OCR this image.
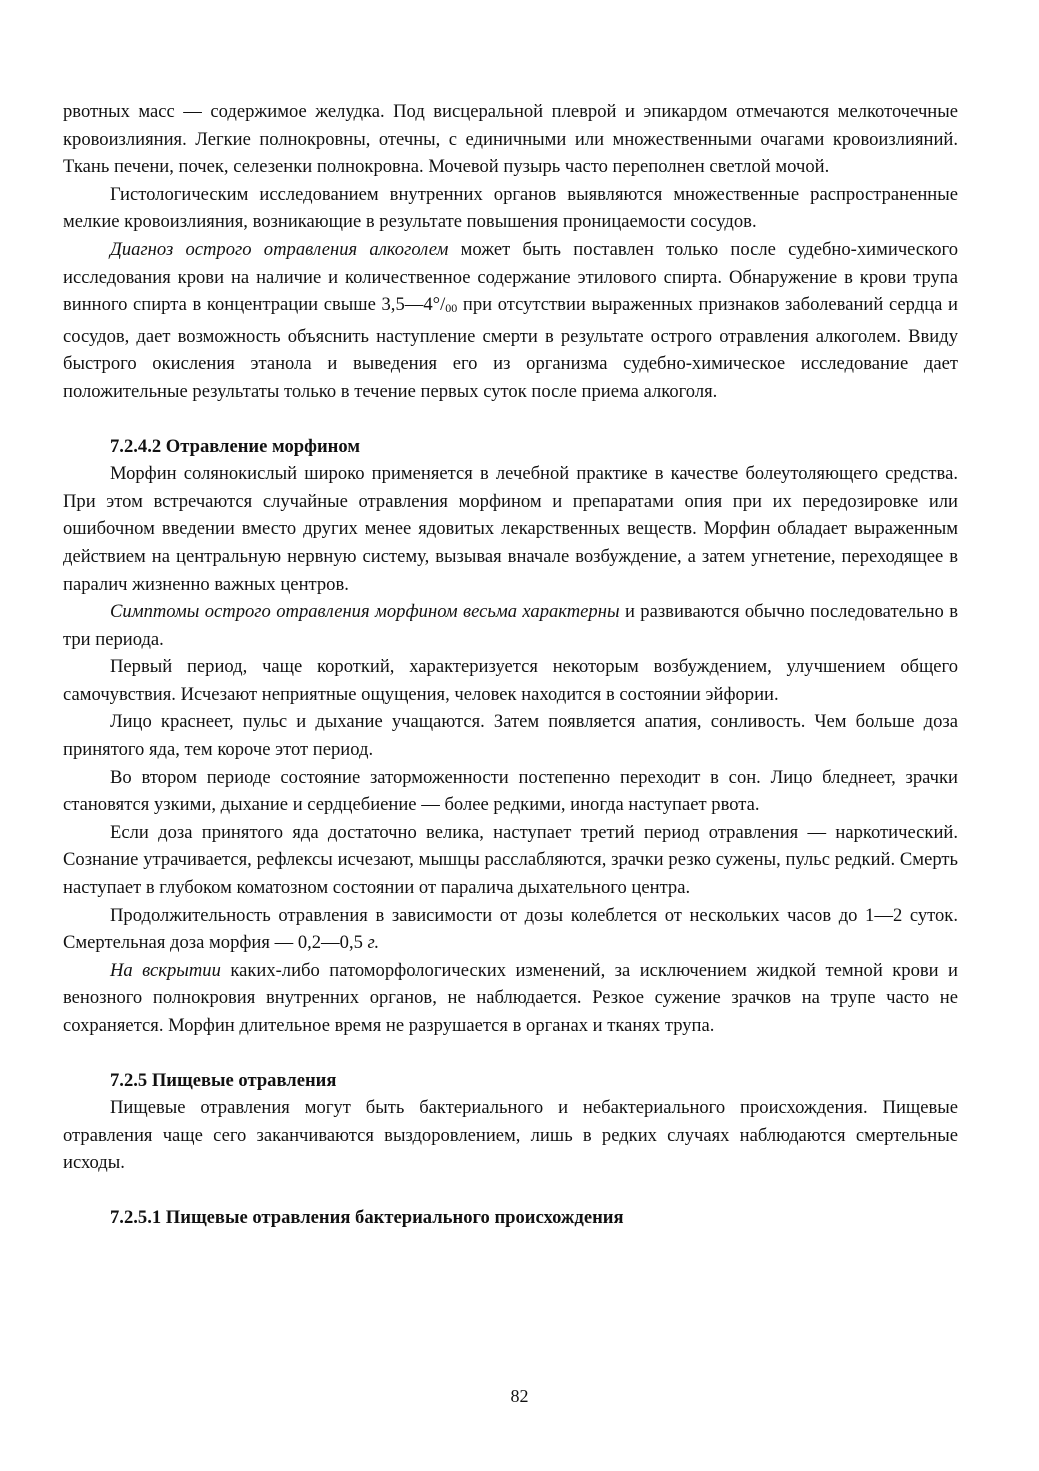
рвотных масс — содержимое желудка. Под висцеральной плеврой и эпикардом отмечаются мелкоточечные кровоизлияния. Легкие полнокровны, отечны, с единичными или множественными очагами кровоизлияний. Ткань печени, почек, селезенки полнокровна. Мочевой пузырь часто переполнен светлой мочой.

Гистологическим исследованием внутренних органов выявляются множественные распространенные мелкие кровоизлияния, возникающие в результате повышения проницаемости сосудов.

Диагноз острого отравления алкоголем может быть поставлен только после судебно-химического исследования крови на наличие и количественное содержание этилового спирта. Обнаружение в крови трупа винного спирта в концентрации свыше $3,5—4^\circ/_{00}$ при отсутствии выраженных признаков заболеваний сердца и сосудов, дает возможность объяснить наступление смерти в результате острого отравления алкоголем. Ввиду быстрого окисления этанола и выведения его из организма судебно-химическое исследование дает положительные результаты только в течение первых суток после приема алкоголя.

7.2.4.2 Отравление морфином

Морфин солянокислый широко применяется в лечебной практике в качестве болеутоляющего средства. При этом встречаются случайные отравления морфином и препаратами опия при их передозировке или ошибочном введении вместо других менее ядовитых лекарственных веществ. Морфин обладает выраженным действием на центральную нервную систему, вызывая вначале возбуждение, а затем угнетение, переходящее в паралич жизненно важных центров.

Симптомы острого отравления морфином весьма характерны и развиваются обычно последовательно в три периода.

Первый период, чаще короткий, характеризуется некоторым возбуждением, улучшением общего самочувствия. Исчезают неприятные ощущения, человек находится в состоянии эйфории.

Лицо краснеет, пульс и дыхание учащаются. Затем появляется апатия, сонливость. Чем больше доза принятого яда, тем короче этот период.

Во втором периоде состояние заторможенности постепенно переходит в сон. Лицо бледнеет, зрачки становятся узкими, дыхание и сердцебиение — более редкими, иногда наступает рвота.

Если доза принятого яда достаточно велика, наступает третий период отравления — наркотический. Сознание утрачивается, рефлексы исчезают, мышцы расслабляются, зрачки резко сужены, пульс редкий. Смерть наступает в глубоком коматозном состоянии от паралича дыхательного центра.

Продолжительность отравления в зависимости от дозы колеблется от нескольких часов до 1—2 суток. Смертельная доза морфия — 0,2—0,5 г.

На вскрытии каких-либо патоморфологических изменений, за исключением жидкой темной крови и венозного полнокровия внутренних органов, не наблюдается. Резкое сужение зрачков на трупе часто не сохраняется. Морфин длительное время не разрушается в органах и тканях трупа.

7.2.5 Пищевые отравления

Пищевые отравления могут быть бактериального и небактериального происхождения. Пищевые отравления чаще сего заканчиваются выздоровлением, лишь в редких случаях наблюдаются смертельные исходы.

7.2.5.1 Пищевые отравления бактериального происхождения

82
